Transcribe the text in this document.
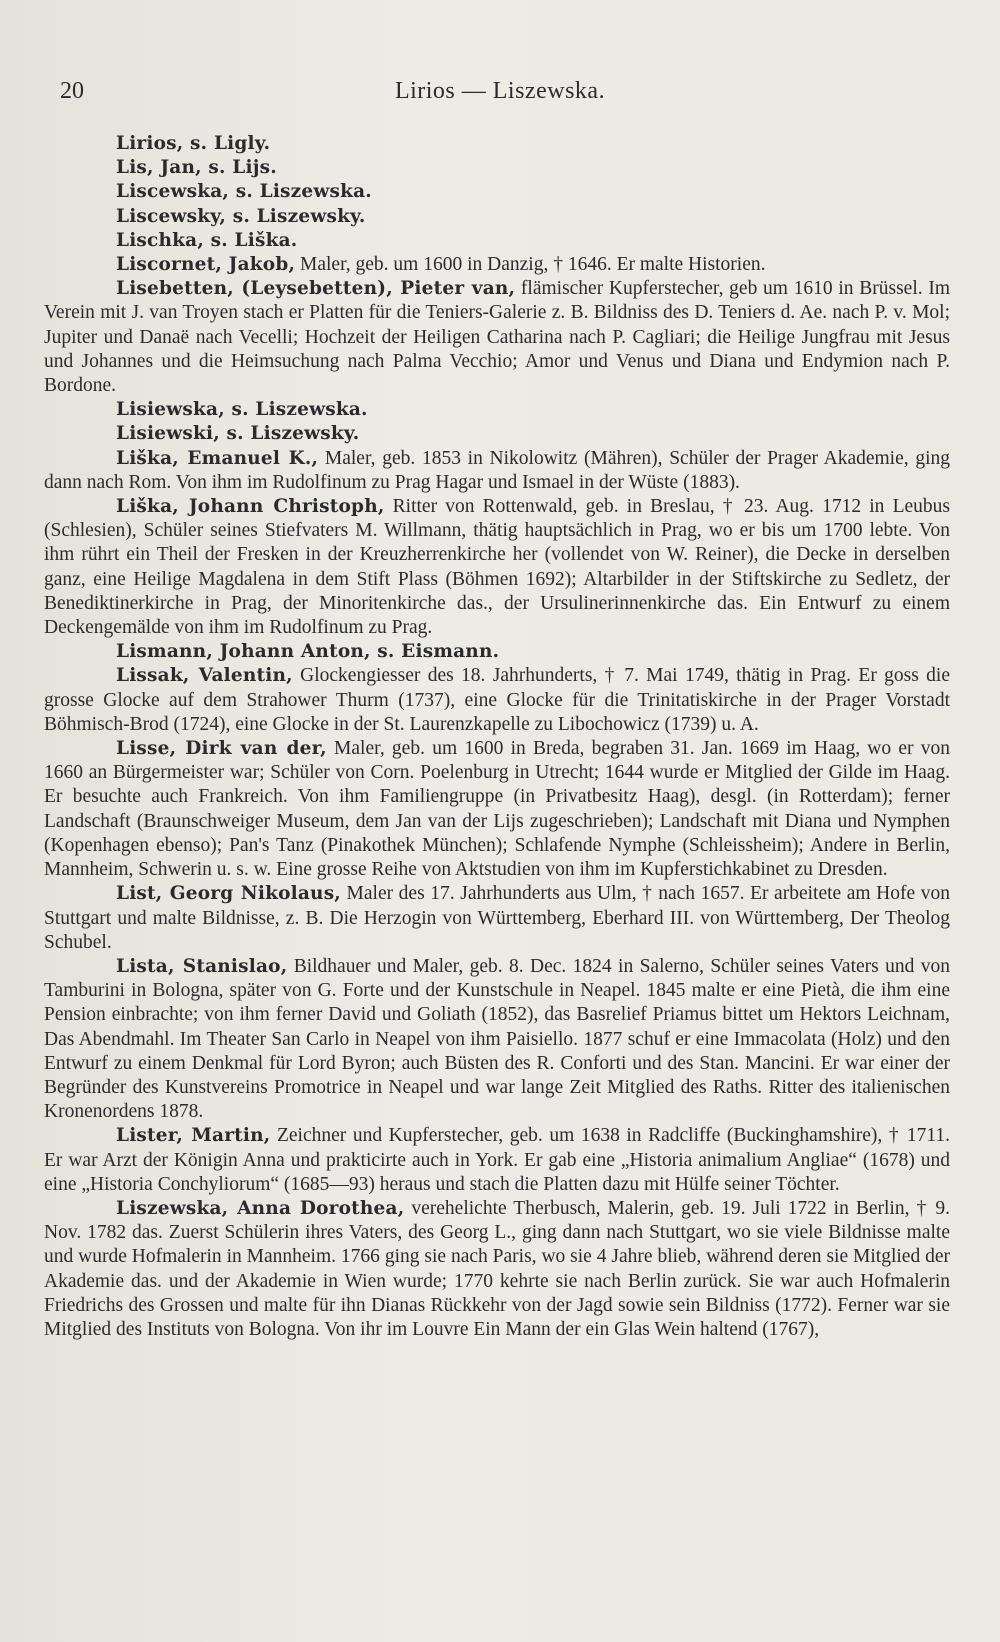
20	Lirios — Liszewska.

Lirios, s. Ligly.

Lis, Jan, s. Lijs.

Liscewska, s. Liszewska.

Liscewsky, s. Liszewsky.

Lischka, s. Liška.

Liscornet, Jakob, Maler, geb. um 1600 in Danzig, † 1646. Er malte Historien.

Lisebetten, (Leysebetten), Pieter van, flämischer Kupferstecher, geb um 1610 in Brüssel. Im Verein mit J. van Troyen stach er Platten für die Teniers-Galerie z. B. Bildniss des D. Teniers d. Ae. nach P. v. Mol; Jupiter und Danaë nach Vecelli; Hochzeit der Heiligen Catharina nach P. Cagliari; die Heilige Jungfrau mit Jesus und Johannes und die Heimsuchung nach Palma Vecchio; Amor und Venus und Diana und Endymion nach P. Bordone.

Lisiewska, s. Liszewska.

Lisiewski, s. Liszewsky.

Liška, Emanuel K., Maler, geb. 1853 in Nikolowitz (Mähren), Schüler der Prager Akademie, ging dann nach Rom. Von ihm im Rudolfinum zu Prag Hagar und Ismael in der Wüste (1883).

Liška, Johann Christoph, Ritter von Rottenwald, geb. in Breslau, † 23. Aug. 1712 in Leubus (Schlesien), Schüler seines Stiefvaters M. Willmann, thätig hauptsächlich in Prag, wo er bis um 1700 lebte. Von ihm rührt ein Theil der Fresken in der Kreuzherrenkirche her (vollendet von W. Reiner), die Decke in derselben ganz, eine Heilige Magdalena in dem Stift Plass (Böhmen 1692); Altarbilder in der Stiftskirche zu Sedletz, der Benediktinerkirche in Prag, der Minoritenkirche das., der Ursulinerinnenkirche das. Ein Entwurf zu einem Deckengemälde von ihm im Rudolfinum zu Prag.

Lismann, Johann Anton, s. Eismann.

Lissak, Valentin, Glockengiesser des 18. Jahrhunderts, † 7. Mai 1749, thätig in Prag. Er goss die grosse Glocke auf dem Strahower Thurm (1737), eine Glocke für die Trinitatiskirche in der Prager Vorstadt Böhmisch-Brod (1724), eine Glocke in der St. Laurenzkapelle zu Libochowicz (1739) u. A.

Lisse, Dirk van der, Maler, geb. um 1600 in Breda, begraben 31. Jan. 1669 im Haag, wo er von 1660 an Bürgermeister war; Schüler von Corn. Poelenburg in Utrecht; 1644 wurde er Mitglied der Gilde im Haag. Er besuchte auch Frankreich. Von ihm Familiengruppe (in Privatbesitz Haag), desgl. (in Rotterdam); ferner Landschaft (Braunschweiger Museum, dem Jan van der Lijs zugeschrieben); Landschaft mit Diana und Nymphen (Kopenhagen ebenso); Pan's Tanz (Pinakothek München); Schlafende Nymphe (Schleissheim); Andere in Berlin, Mannheim, Schwerin u. s. w. Eine grosse Reihe von Aktstudien von ihm im Kupferstichkabinet zu Dresden.

List, Georg Nikolaus, Maler des 17. Jahrhunderts aus Ulm, † nach 1657. Er arbeitete am Hofe von Stuttgart und malte Bildnisse, z. B. Die Herzogin von Württemberg, Eberhard III. von Württemberg, Der Theolog Schubel.

Lista, Stanislao, Bildhauer und Maler, geb. 8. Dec. 1824 in Salerno, Schüler seines Vaters und von Tamburini in Bologna, später von G. Forte und der Kunstschule in Neapel. 1845 malte er eine Pietà, die ihm eine Pension einbrachte; von ihm ferner David und Goliath (1852), das Basrelief Priamus bittet um Hektors Leichnam, Das Abendmahl. Im Theater San Carlo in Neapel von ihm Paisiello. 1877 schuf er eine Immacolata (Holz) und den Entwurf zu einem Denkmal für Lord Byron; auch Büsten des R. Conforti und des Stan. Mancini. Er war einer der Begründer des Kunstvereins Promotrice in Neapel und war lange Zeit Mitglied des Raths. Ritter des italienischen Kronenordens 1878.

Lister, Martin, Zeichner und Kupferstecher, geb. um 1638 in Radcliffe (Buckinghamshire), † 1711. Er war Arzt der Königin Anna und prakticirte auch in York. Er gab eine „Historia animalium Angliae“ (1678) und eine „Historia Conchyliorum“ (1685—93) heraus und stach die Platten dazu mit Hülfe seiner Töchter.

Liszewska, Anna Dorothea, verehelichte Therbusch, Malerin, geb. 19. Juli 1722 in Berlin, † 9. Nov. 1782 das. Zuerst Schülerin ihres Vaters, des Georg L., ging dann nach Stuttgart, wo sie viele Bildnisse malte und wurde Hofmalerin in Mannheim. 1766 ging sie nach Paris, wo sie 4 Jahre blieb, während deren sie Mitglied der Akademie das. und der Akademie in Wien wurde; 1770 kehrte sie nach Berlin zurück. Sie war auch Hofmalerin Friedrichs des Grossen und malte für ihn Dianas Rückkehr von der Jagd sowie sein Bildniss (1772). Ferner war sie Mitglied des Instituts von Bologna. Von ihr im Louvre Ein Mann der ein Glas Wein haltend (1767),
